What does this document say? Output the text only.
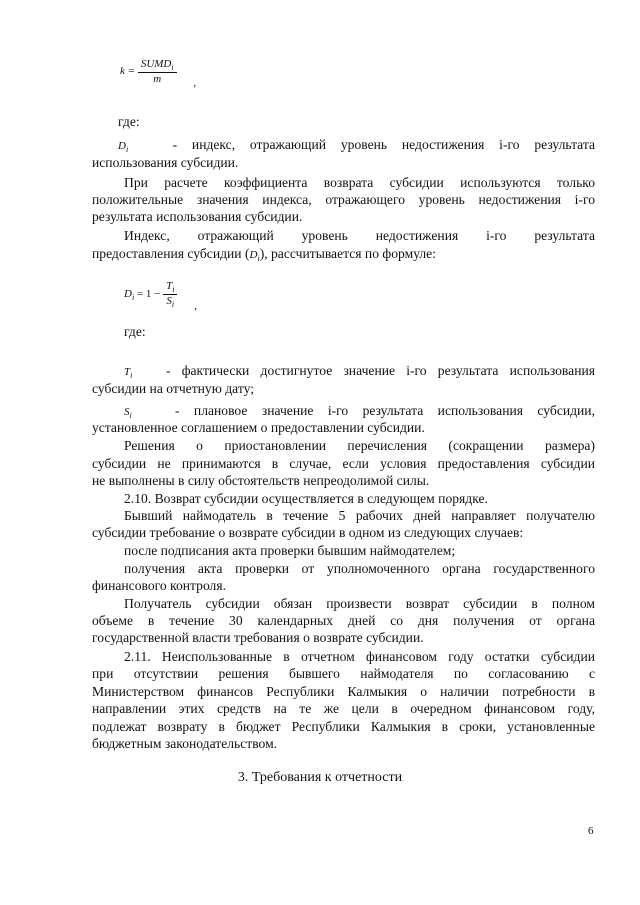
$k = \frac{SUMD_i}{m}$ ,
где:
$D_i$	- индекс, отражающий уровень недостижения i-го результата
использования субсидии.
При расчете коэффициента возврата субсидии используются только
положительные значения индекса, отражающего уровень недостижения i-го
результата использования субсидии.
Индекс, отражающий уровень недостижения i-го результата
предоставления субсидии $(D_i)$, рассчитывается по формуле:
$D_i = 1 - \frac{T_i}{S_i}$ ,
где:
$T_i$ - фактически достигнутое значение i-го результата использования
субсидии на отчетную дату;
$S_i$	- плановое значение i-го результата использования субсидии,
установленное соглашением о предоставлении субсидии.
Решения о приостановлении перечисления (сокращении размера)
субсидии не принимаются в случае, если условия предоставления субсидии
не выполнены в силу обстоятельств непреодолимой силы.
2.10. Возврат субсидии осуществляется в следующем порядке.
Бывший наймодатель в течение 5 рабочих дней направляет получателю
субсидии требование о возврате субсидии в одном из следующих случаев:
после подписания акта проверки бывшим наймодателем;
получения акта проверки от уполномоченного органа государственного
финансового контроля.
Получатель субсидии обязан произвести возврат субсидии в полном
объеме в течение 30 календарных дней со дня получения от органа
государственной власти требования о возврате субсидии.
2.11. Неиспользованные в отчетном финансовом году остатки субсидии
при отсутствии решения бывшего наймодателя по согласованию с
Министерством финансов Республики Калмыкия о наличии потребности в
направлении этих средств на те же цели в очередном финансовом году,
подлежат возврату в бюджет Республики Калмыкия в сроки, установленные
бюджетным законодательством.
3. Требования к отчетности
6
